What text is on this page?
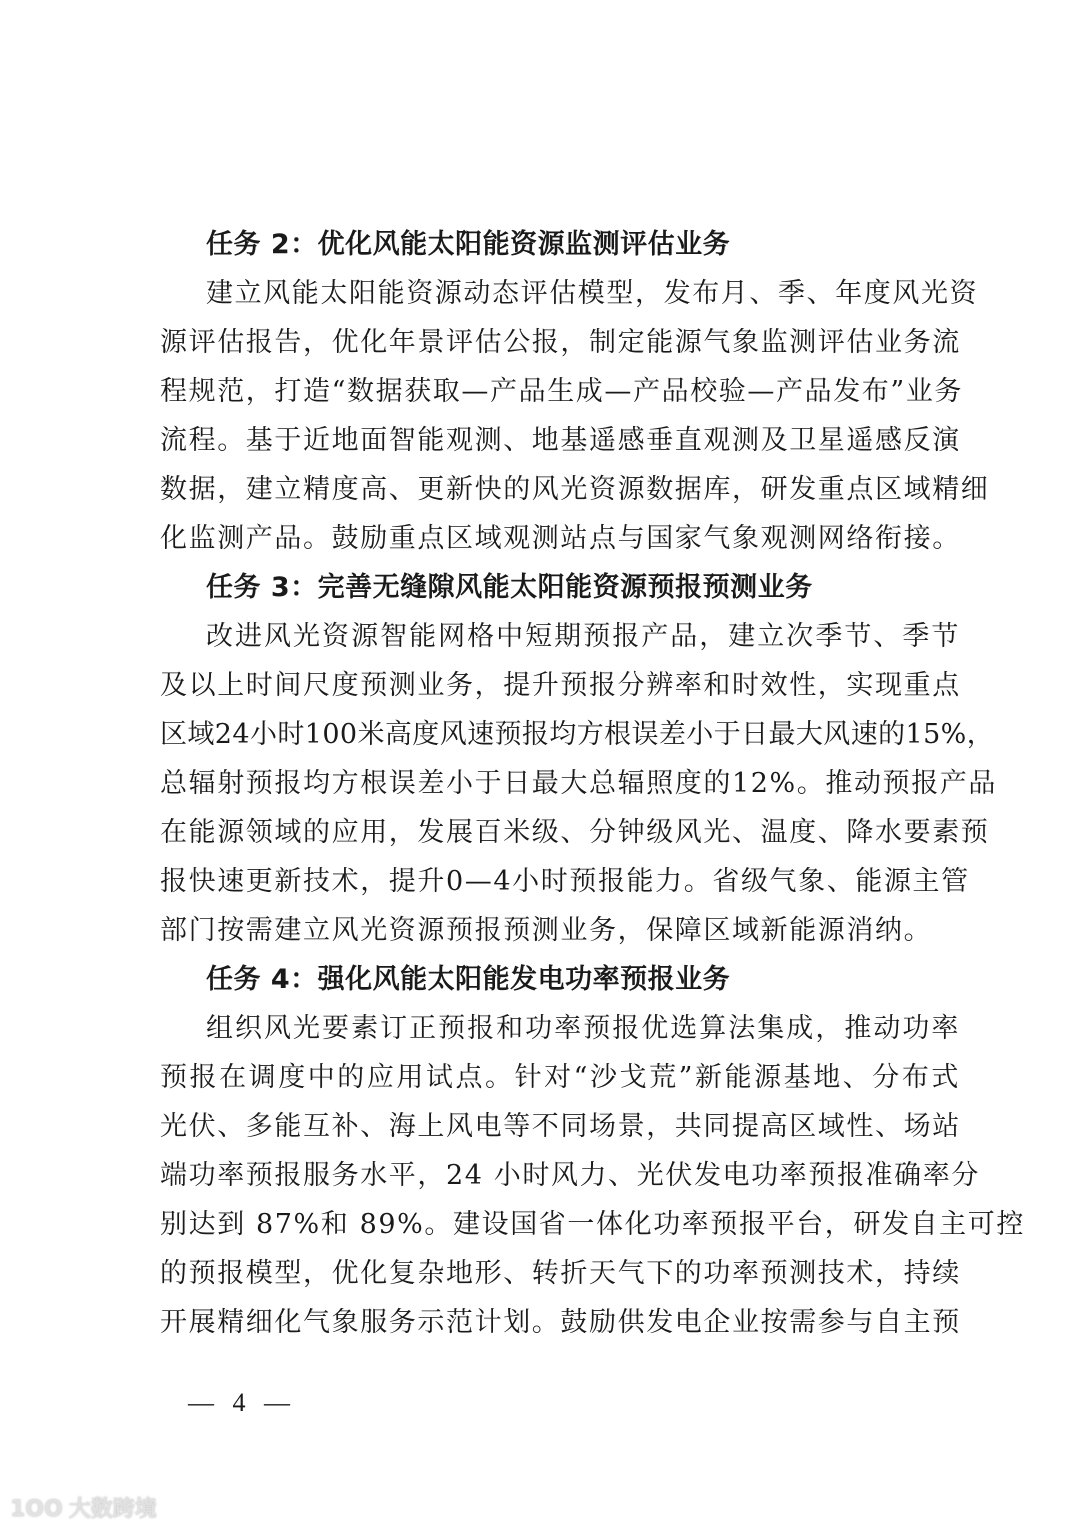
任务 2：优化风能太阳能资源监测评估业务
建立风能太阳能资源动态评估模型，发布月、季、年度风光资
源评估报告，优化年景评估公报，制定能源气象监测评估业务流
程规范，打造“数据获取—产品生成—产品校验—产品发布”业务
流程。基于近地面智能观测、地基遥感垂直观测及卫星遥感反演
数据，建立精度高、更新快的风光资源数据库，研发重点区域精细
化监测产品。鼓励重点区域观测站点与国家气象观测网络衔接。
任务 3：完善无缝隙风能太阳能资源预报预测业务
改进风光资源智能网格中短期预报产品，建立次季节、季节
及以上时间尺度预测业务，提升预报分辨率和时效性，实现重点
区域24小时100米高度风速预报均方根误差小于日最大风速的15%，
总辐射预报均方根误差小于日最大总辐照度的12%。推动预报产品
在能源领域的应用，发展百米级、分钟级风光、温度、降水要素预
报快速更新技术，提升0—4小时预报能力。省级气象、能源主管
部门按需建立风光资源预报预测业务，保障区域新能源消纳。
任务 4：强化风能太阳能发电功率预报业务
组织风光要素订正预报和功率预报优选算法集成，推动功率
预报在调度中的应用试点。针对“沙戈荒”新能源基地、分布式
光伏、多能互补、海上风电等不同场景，共同提高区域性、场站
端功率预报服务水平，24 小时风力、光伏发电功率预报准确率分
别达到 87%和 89%。建设国省一体化功率预报平台，研发自主可控
的预报模型，优化复杂地形、转折天气下的功率预测技术，持续
开展精细化气象服务示范计划。鼓励供发电企业按需参与自主预
— 4 —
1OO 大数跨境
